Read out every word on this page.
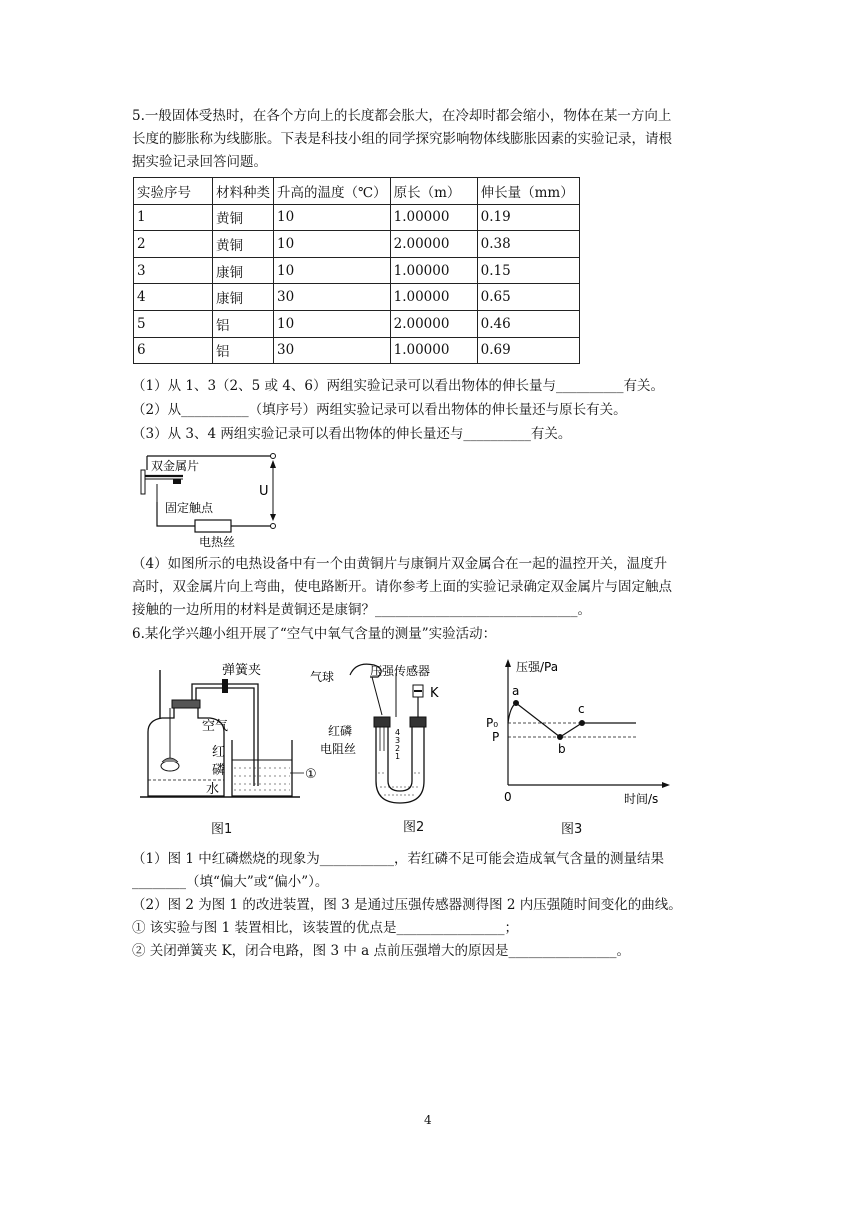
5.一般固体受热时，在各个方向上的长度都会胀大，在冷却时都会缩小，物体在某一方向上

长度的膨胀称为线膨胀。下表是科技小组的同学探究影响物体线膨胀因素的实验记录，请根

据实验记录回答问题。

实验序号	材料种类	升高的温度（℃）	原长（m）	伸长量（mm）
1	黄铜	10	1.00000	0.19
2	黄铜	10	2.00000	0.38
3	康铜	10	1.00000	0.15
4	康铜	30	1.00000	0.65
5	铝	10	2.00000	0.46
6	铝	30	1.00000	0.69

（1）从 1、3（2、5 或 4、6）两组实验记录可以看出物体的伸长量与__________有关。

（2）从__________（填序号）两组实验记录可以看出物体的伸长量还与原长有关。

（3）从 3、4 两组实验记录可以看出物体的伸长量还与__________有关。

双金属片
固定触点
电热丝
U

（4）如图所示的电热设备中有一个由黄铜片与康铜片双金属合在一起的温控开关，温度升

高时，双金属片向上弯曲，使电路断开。请你参考上面的实验记录确定双金属片与固定触点

接触的一边所用的材料是黄铜还是康铜？______________________________。

6.某化学兴趣小组开展了“空气中氧气含量的测量”实验活动：

弹簧夹
空气
红
磷
水
①
图1
压强传感器
气球
K
红磷
电阻丝
4
3
2
1
图2
压强/Pa
时间/s
0
P₀
P
a
b
c
图3

（1）图 1 中红磷燃烧的现象为___________，若红磷不足可能会造成氧气含量的测量结果

________（填“偏大”或“偏小”）。

（2）图 2 为图 1 的改进装置，图 3 是通过压强传感器测得图 2 内压强随时间变化的曲线。

① 该实验与图 1 装置相比，该装置的优点是________________；

② 关闭弹簧夹 K，闭合电路，图 3 中 a 点前压强增大的原因是________________。

4
